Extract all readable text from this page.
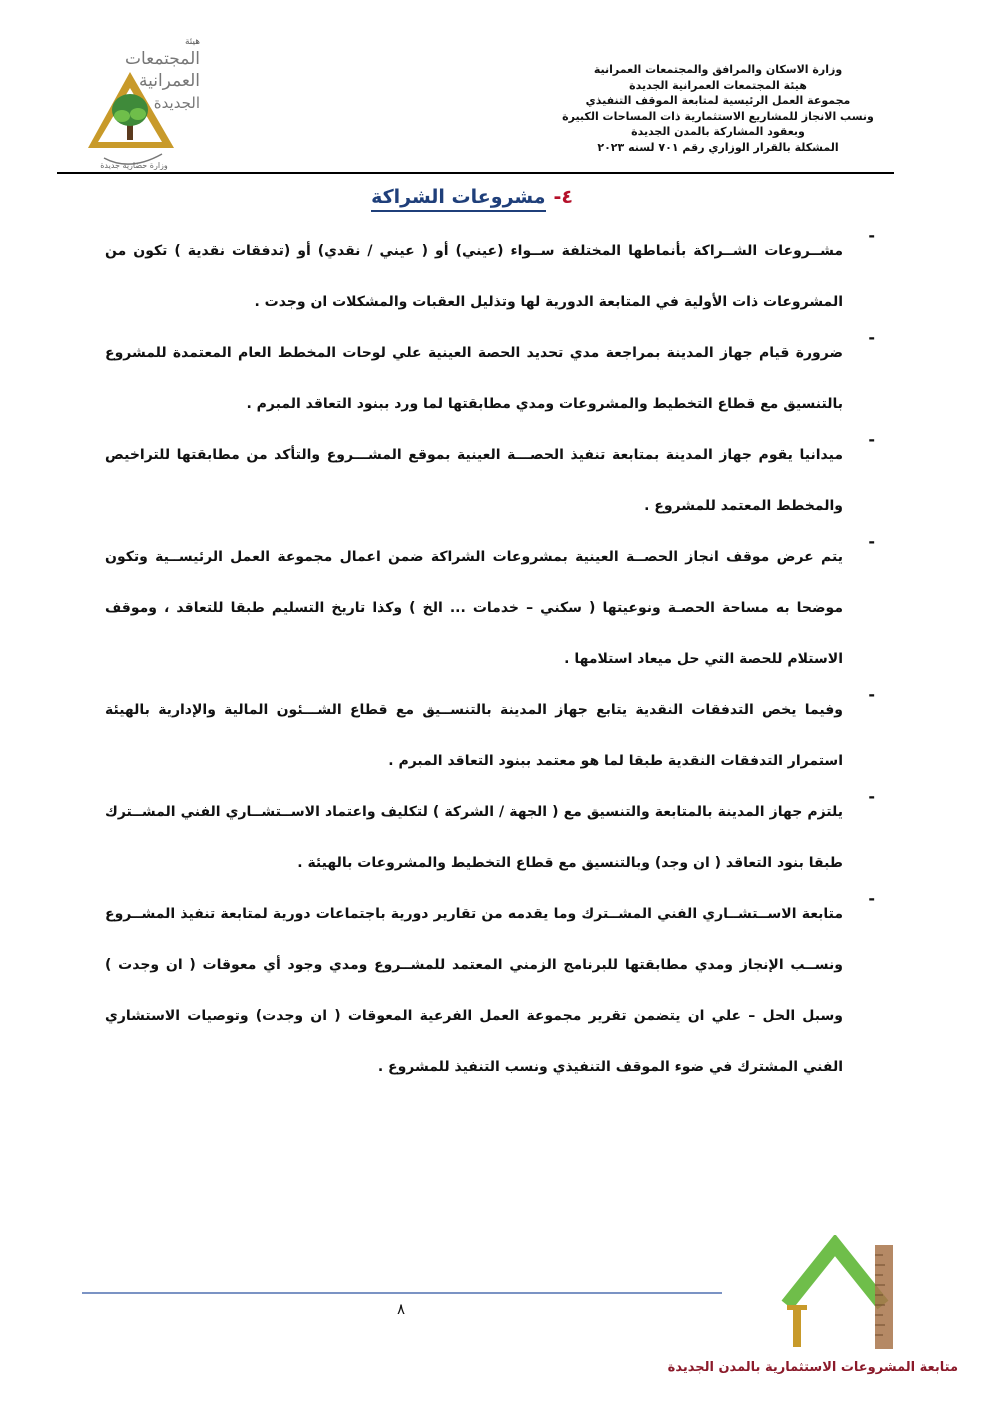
وزارة الاسكان والمرافق والمجتمعات العمرانية
هيئة المجتمعات العمرانية الجديدة
مجموعة العمل الرئيسية لمتابعة الموقف التنفيذي
ونسب الانجاز للمشاريع الاستثمارية ذات المساحات الكبيرة
وبعقود المشاركة بالمدن الجديدة
المشكلة بالقرار الوزاري رقم ٧٠١ لسنه ٢٠٢٣
هيئة
المجتمعات
العمرانية
الجديدة
وزارة حضارية جديدة
٤-مشروعات الشراكة
-

مشــروعات الشــراكة بأنماطها المختلفة ســواء (عيني) أو ( عيني / نقدي) أو (تدفقات نقدية ) تكون من المشروعات ذات الأولية في المتابعة الدورية لها وتذليل العقبات والمشكلات ان وجدت .

-

ضرورة قيام جهاز المدينة بمراجعة مدي تحديد الحصة العينية علي لوحات المخطط العام المعتمدة للمشروع بالتنسيق مع قطاع التخطيط والمشروعات ومدي مطابقتها لما ورد ببنود التعاقد المبرم .

-

ميدانيا يقوم جهاز المدينة بمتابعة تنفيذ الحصـــة العينية بموقع المشـــروع والتأكد من مطابقتها للتراخيص والمخطط المعتمد للمشروع .

-

يتم عرض موقف انجاز الحصــة العينية بمشروعات الشراكة ضمن اعمال مجموعة العمل الرئيســية وتكون موضحا به مساحة الحصـة ونوعيتها ( سكني – خدمات ... الخ ) وكذا تاريخ التسليم طبقا للتعاقد ، وموقف الاستلام للحصة التي حل ميعاد استلامها .

-

وفيما يخص التدفقات النقدية يتابع جهاز المدينة بالتنســيق مع قطاع الشـــئون المالية والإدارية بالهيئة استمرار التدفقات النقدية طبقا لما هو معتمد ببنود التعاقد المبرم .

-

يلتزم جهاز المدينة بالمتابعة والتنسيق مع ( الجهة / الشركة ) لتكليف واعتماد الاســتشــاري الفني المشــترك طبقا بنود التعاقد ( ان وجد) وبالتنسيق مع قطاع التخطيط والمشروعات بالهيئة .

-

متابعة الاســتشــاري الفني المشــترك وما يقدمه من تقارير دورية باجتماعات دورية لمتابعة تنفيذ المشــروع ونســب الإنجاز ومدي مطابقتها للبرنامج الزمني المعتمد للمشــروع ومدي وجود أي معوقات ( ان وجدت ) وسبل الحل – علي ان يتضمن تقرير مجموعة العمل الفرعية المعوقات ( ان وجدت) وتوصيات الاستشاري الفني المشترك في ضوء الموقف التنفيذي ونسب التنفيذ للمشروع .

٨
متابعة المشروعات الاستثمارية بالمدن الجديدة
